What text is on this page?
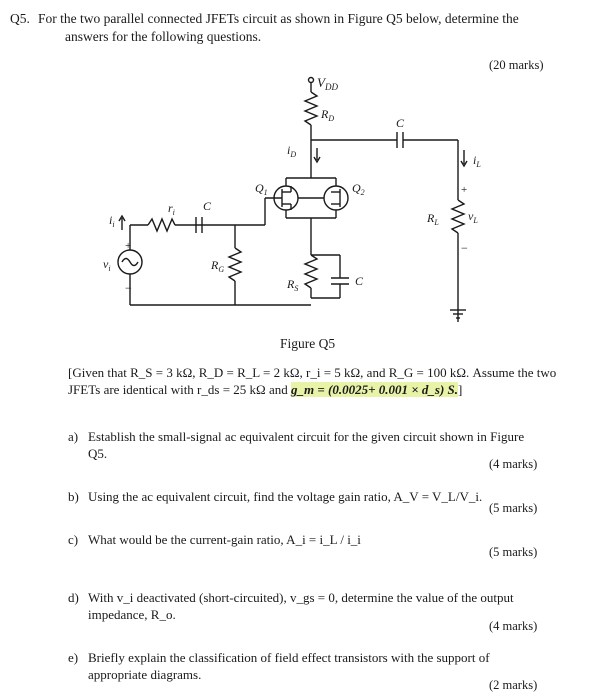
Q5. For the two parallel connected JFETs circuit as shown in Figure Q5 below, determine the
answers for the following questions.
(20 marks)
$V_{DD}$
$R_D$
$i_D$
C
$i_L$
$Q_1$	$Q_2$
C
$r_i$
$i_i$
+
$v_i$
−
$R_G$
$R_S$
C
$R_L$
+
$v_L$
−
Figure Q5
[Given that R_S = 3 kΩ, R_D = R_L = 2 kΩ, r_i = 5 kΩ, and R_G = 100 kΩ. Assume the two
JFETs are identical with r_ds = 25 kΩ and g_m = (0.0025+ 0.001 × d_s) S.]
a) Establish the small-signal ac equivalent circuit for the given circuit shown in Figure
Q5.
(4 marks)
b) Using the ac equivalent circuit, find the voltage gain ratio, A_V = V_L/V_i.
(5 marks)
c) What would be the current-gain ratio, A_i = i_L / i_i
(5 marks)
d) With v_i deactivated (short-circuited), v_gs = 0, determine the value of the output
impedance, R_o.
(4 marks)
e) Briefly explain the classification of field effect transistors with the support of
appropriate diagrams.
(2 marks)
